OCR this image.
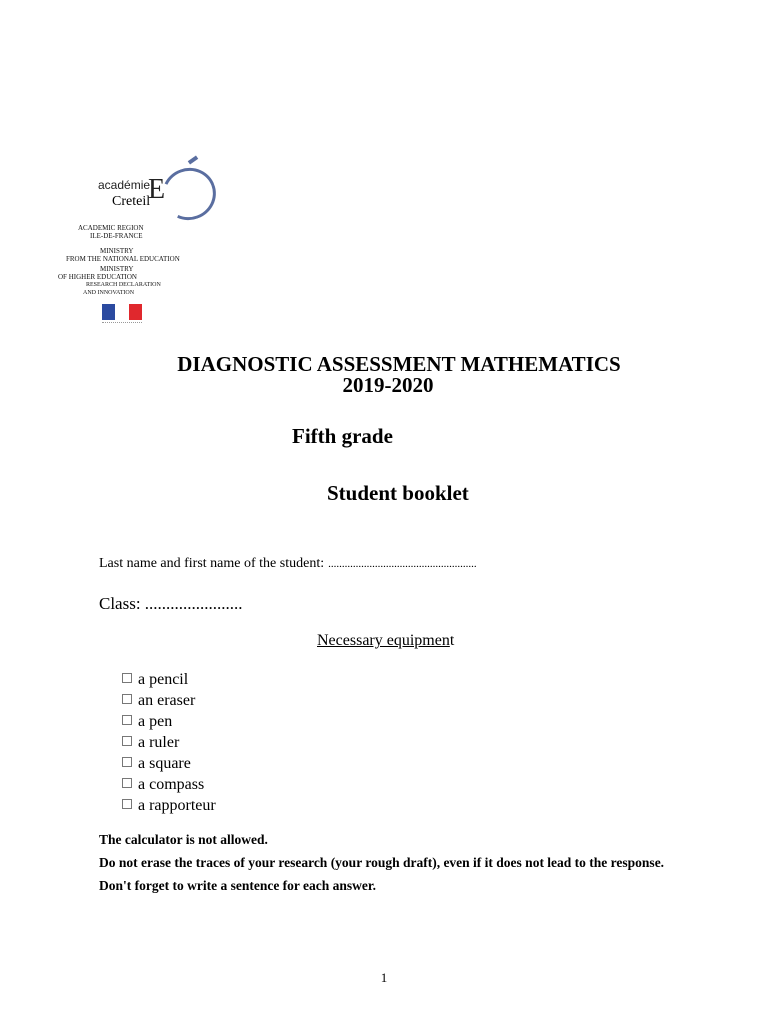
E
académie
Creteil
ACADEMIC REGION
ILE-DE-FRANCE
MINISTRY
FROM THE NATIONAL EDUCATION
MINISTRY
OF HIGHER EDUCATION
RESEARCH DECLARATION
AND INNOVATION
DIAGNOSTIC ASSESSMENT MATHEMATICS
2019-2020
Fifth grade
Student booklet
Last name and first name of the student: ......................................................
Class: .......................
Necessary equipment
a pencil
an eraser
a pen
a ruler
a square
a compass
a rapporteur

The calculator is not allowed.

Do not erase the traces of your research (your rough draft), even if it does not lead to the response.

Don't forget to write a sentence for each answer.

1
